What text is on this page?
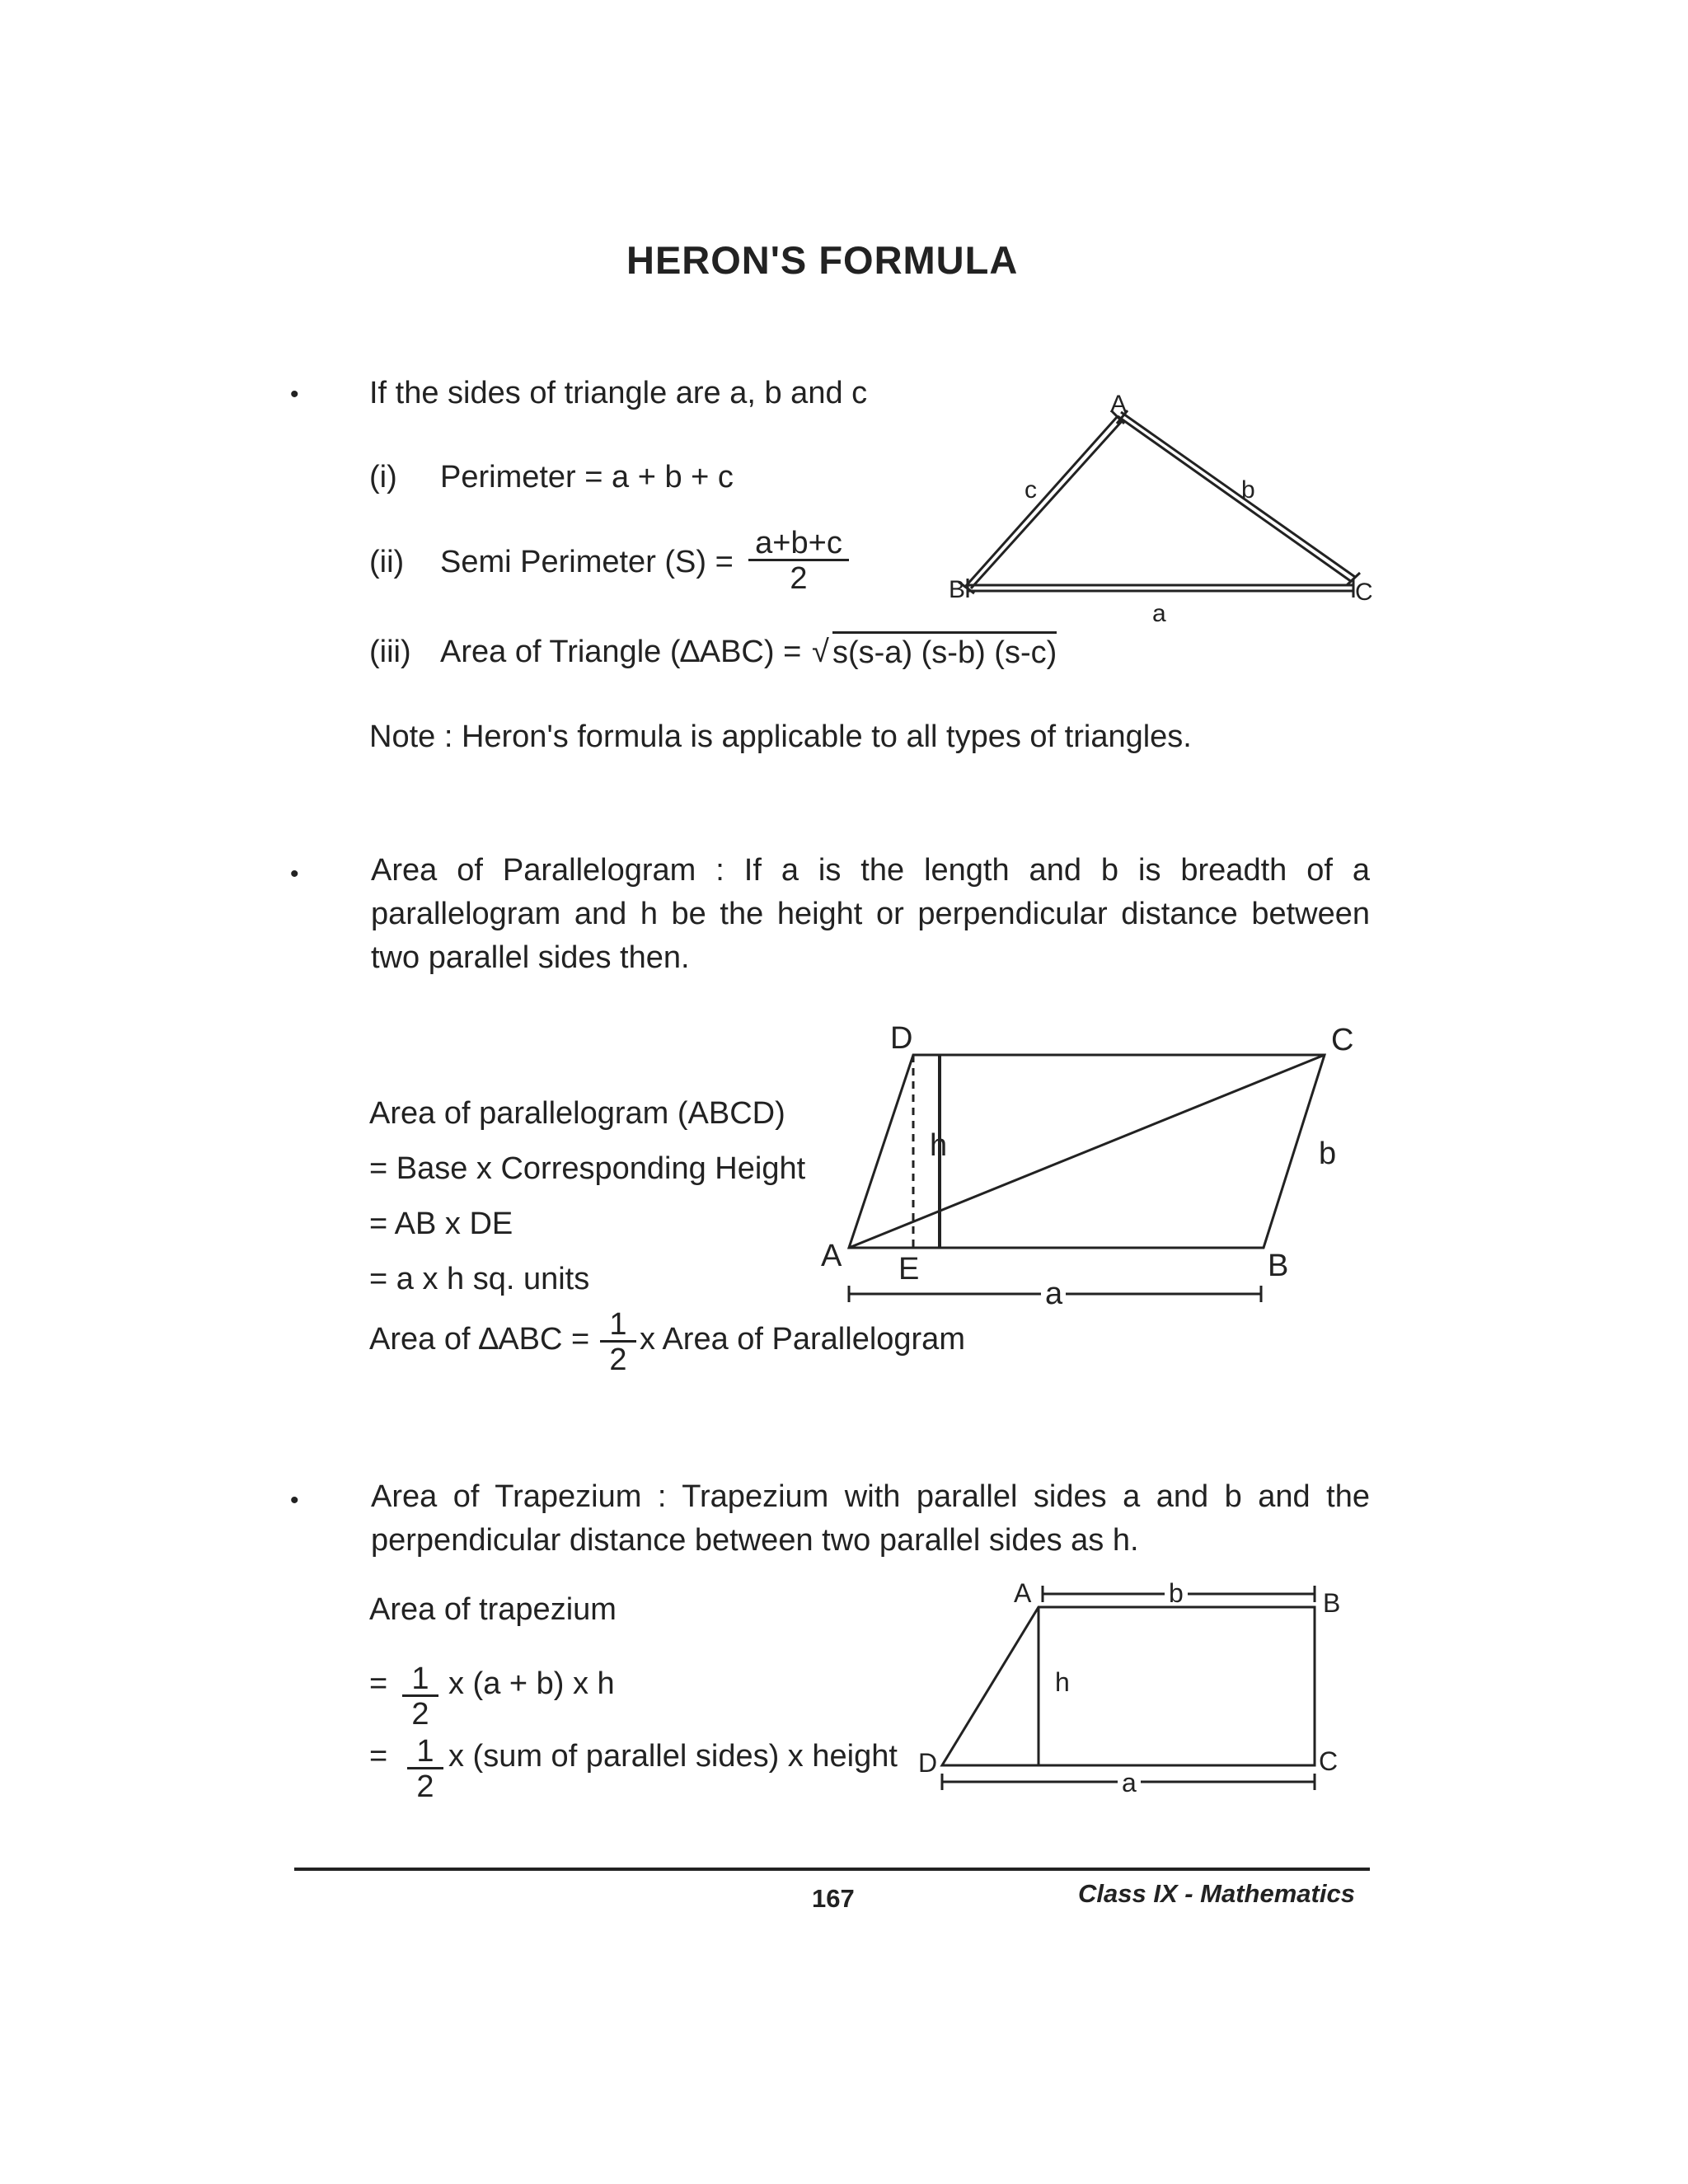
HERON'S FORMULA
• If the sides of triangle are a, b and c
(i) Perimeter = a + b + c
(ii) Semi Perimeter $(S) = \frac{a+b+c}{2}$
(iii) Area of Triangle (∆ABC) = √ s(s-a) (s-b) (s-c)
Note : Heron's formula is applicable to all types of triangles.
A
B	C
c	b
a
• Area of Parallelogram : If a is the length and b is breadth of a parallelogram and h be the height or perpendicular distance between two parallel sides then.
Area of parallelogram (ABCD)
= Base x Corresponding Height
= AB x DE
= a x h sq. units
Area of $\Delta ABC = \frac{1}{2}$ x Area of Parallelogram
D	C
A	B
E
h	b
a
• Area of Trapezium : Trapezium with parallel sides a and b and the perpendicular distance between two parallel sides as h.
Area of trapezium
= $\frac{1}{2}$ x (a + b) x h
= $\frac{1}{2}$ x (sum of parallel sides) x height
A	B
C
D
h
b
a
167	Class IX - Mathematics
